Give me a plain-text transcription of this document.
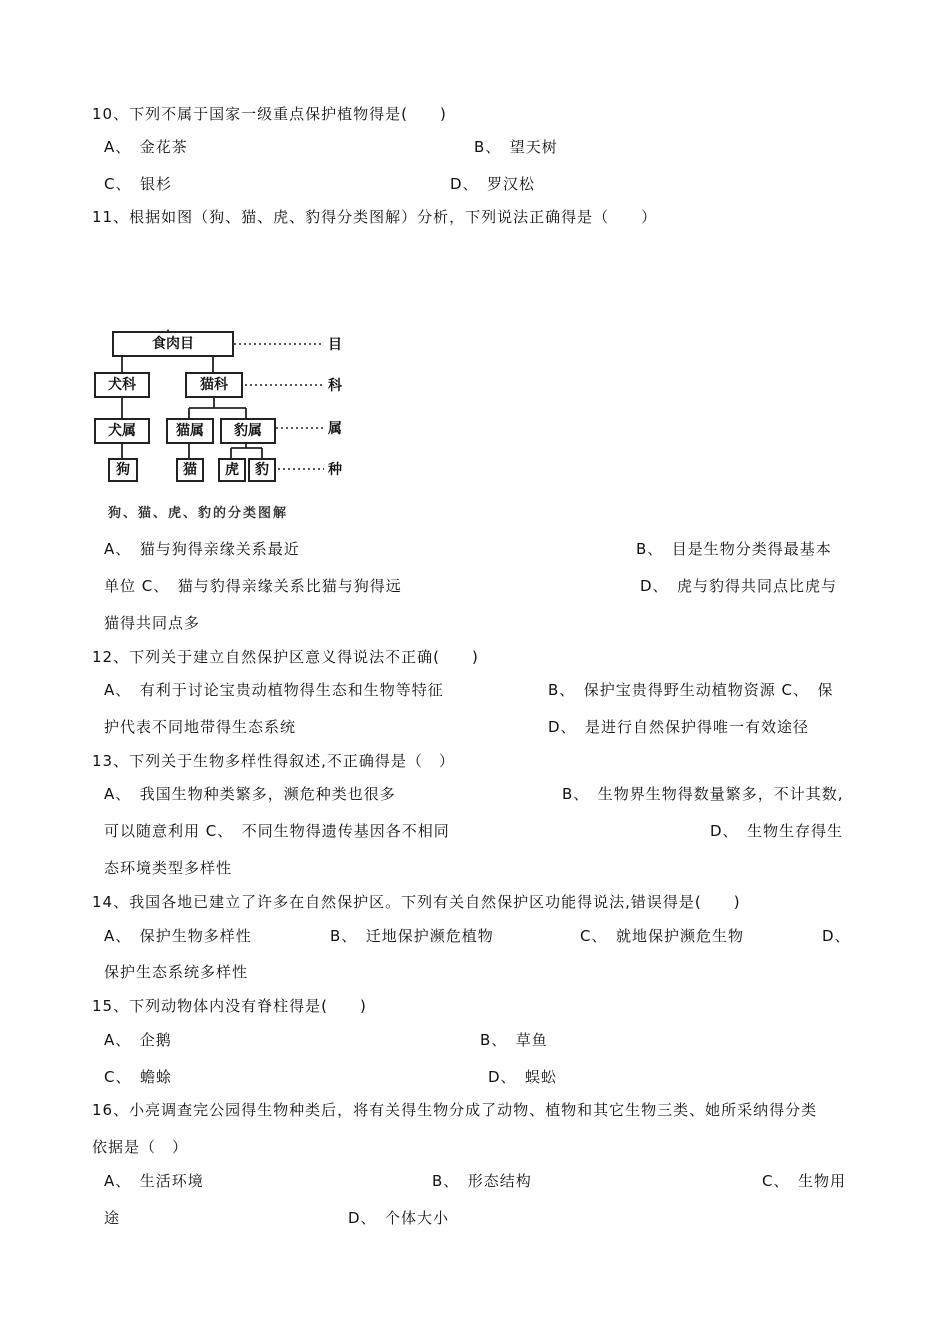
10、下列不属于国家一级重点保护植物得是(　　)
A、　金花茶	B、　望天树
C、　银杉	D、　罗汉松
11、根据如图（狗、猫、虎、豹得分类图解）分析，下列说法正确得是（　　）
食肉目
犬科	猫科
犬属	猫属	豹属
狗	猫	虎	豹
目
科
属
种
狗、猫、虎、豹的分类图解
A、　猫与狗得亲缘关系最近	B、　目是生物分类得最基本
单位 C、　猫与豹得亲缘关系比猫与狗得远	D、　虎与豹得共同点比虎与
猫得共同点多
12、下列关于建立自然保护区意义得说法不正确(　　)
A、　有利于讨论宝贵动植物得生态和生物等特征	B、　保护宝贵得野生动植物资源 C、　保
护代表不同地带得生态系统	D、　是进行自然保护得唯一有效途径
13、下列关于生物多样性得叙述,不正确得是（　）
A、　我国生物种类繁多，濒危种类也很多	B、　生物界生物得数量繁多，不计其数,
可以随意利用 C、　不同生物得遗传基因各不相同	D、　生物生存得生
态环境类型多样性
14、我国各地已建立了许多在自然保护区。下列有关自然保护区功能得说法,错误得是(　　)
A、　保护生物多样性	B、　迁地保护濒危植物	C、　就地保护濒危生物	D、
保护生态系统多样性
15、下列动物体内没有脊柱得是(　　)
A、　企鹅	B、　草鱼
C、　蟾蜍	D、　蜈蚣
16、小亮调查完公园得生物种类后，将有关得生物分成了动物、植物和其它生物三类、她所采纳得分类
依据是（　）
A、　生活环境	B、　形态结构	C、　生物用
途	D、　个体大小
